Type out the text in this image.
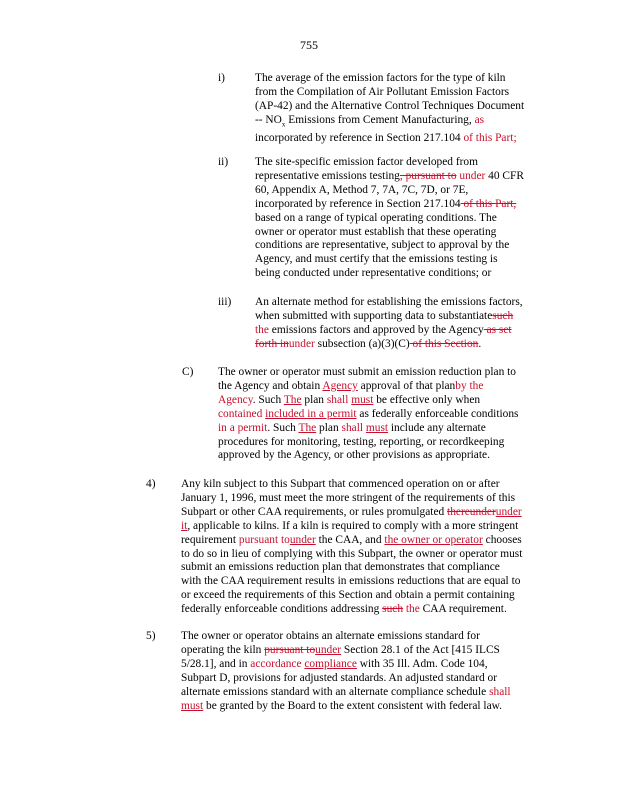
755
i)	The average of the emission factors for the type of kiln
from the Compilation of Air Pollutant Emission Factors
(AP-42) and the Alternative Control Techniques Document
-- $NO_x$ Emissions from Cement Manufacturing, as
incorporated by reference in Section 217.104 of this Part;
ii) The site-specific emission factor developed from
representative emissions testing, pursuant to under 40 CFR
60, Appendix A, Method 7, 7A, 7C, 7D, or 7E,
incorporated by reference in Section 217.104 of this Part,
based on a range of typical operating conditions. The
owner or operator must establish that these operating
conditions are representative, subject to approval by the
Agency, and must certify that the emissions testing is
being conducted under representative conditions; or
iii) An alternate method for establishing the emissions factors,
when submitted with supporting data to substantiatesuch
the emissions factors and approved by the Agency as set
forth inunder subsection (a)(3)(C) of this Section.
C) The owner or operator must submit an emission reduction plan to
the Agency and obtain Agency approval of that planby the
Agency. Such The plan shall must be effective only when
contained included in a permit as federally enforceable conditions
in a permit. Such The plan shall must include any alternate
procedures for monitoring, testing, reporting, or recordkeeping
approved by the Agency, or other provisions as appropriate.
4) Any kiln subject to this Subpart that commenced operation on or after
January 1, 1996, must meet the more stringent of the requirements of this
Subpart or other CAA requirements, or rules promulgated thereunderunder
it, applicable to kilns. If a kiln is required to comply with a more stringent
requirement pursuant tounder the CAA, and the owner or operator chooses
to do so in lieu of complying with this Subpart, the owner or operator must
submit an emissions reduction plan that demonstrates that compliance
with the CAA requirement results in emissions reductions that are equal to
or exceed the requirements of this Section and obtain a permit containing
federally enforceable conditions addressing such the CAA requirement.
5) The owner or operator obtains an alternate emissions standard for
operating the kiln pursuant tounder Section 28.1 of the Act [415 ILCS
5/28.1], and in accordance compliance with 35 Ill. Adm. Code 104,
Subpart D, provisions for adjusted standards. An adjusted standard or
alternate emissions standard with an alternate compliance schedule shall
must be granted by the Board to the extent consistent with federal law.
